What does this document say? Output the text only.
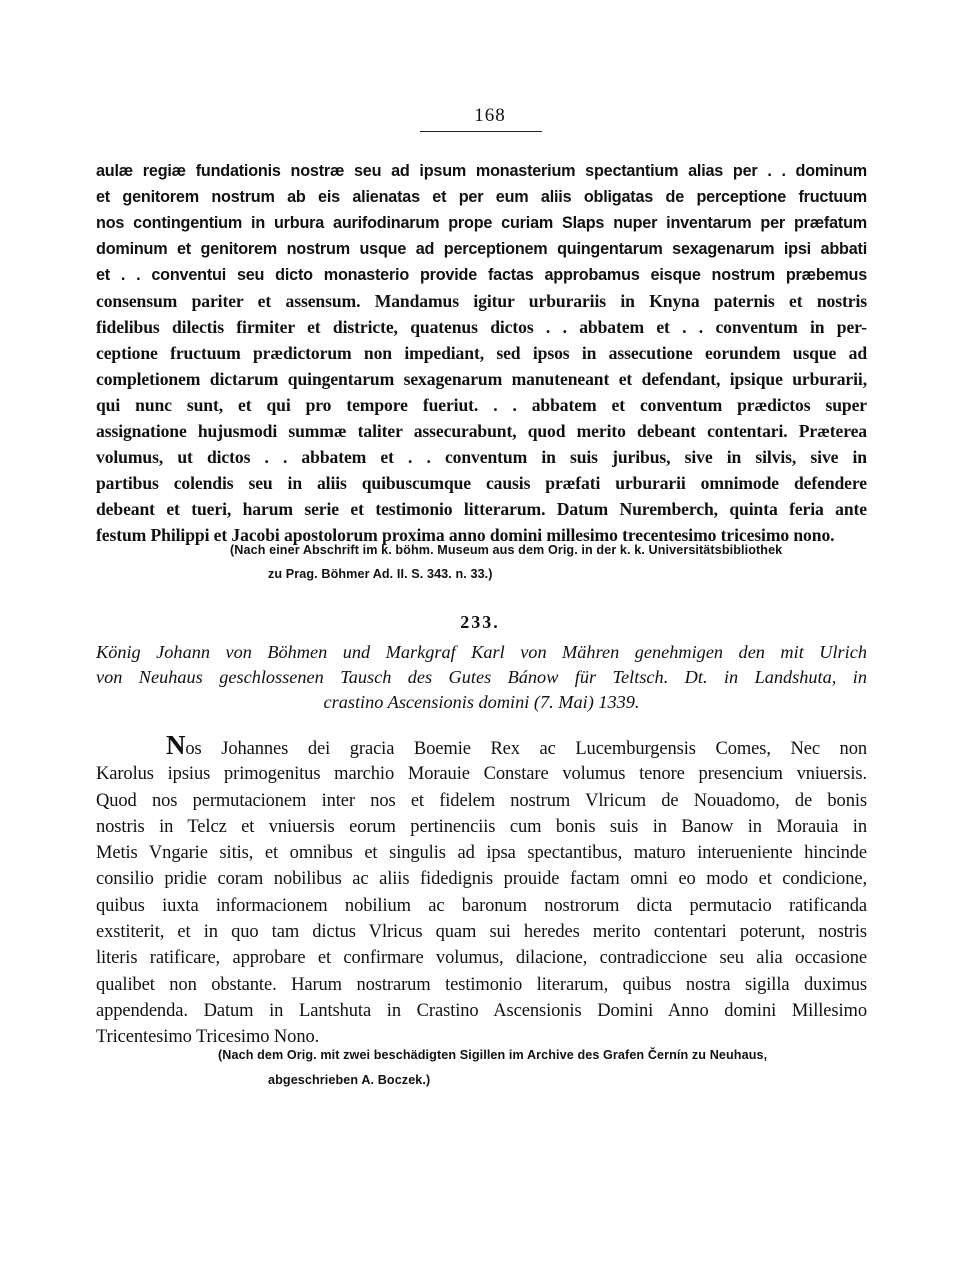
168
aulæ regiæ fundationis nostræ seu ad ipsum monasterium spectantium alias per . . dominum
et genitorem nostrum ab eis alienatas et per eum aliis obligatas de perceptione fructuum
nos contingentium in urbura aurifodinarum prope curiam Slaps nuper inventarum per præfatum
dominum et genitorem nostrum usque ad perceptionem quingentarum sexagenarum ipsi abbati
et . . conventui seu dicto monasterio provide factas approbamus eisque nostrum præbemus
consensum pariter et assensum. Mandamus igitur urburariis in Knyna paternis et nostris
fidelibus dilectis firmiter et districte, quatenus dictos . . abbatem et . . conventum in per-
ceptione fructuum prædictorum non impediant, sed ipsos in assecutione eorundem usque ad
completionem dictarum quingentarum sexagenarum manuteneant et defendant, ipsique urburarii,
qui nunc sunt, et qui pro tempore fueriut. . . abbatem et conventum prædictos super
assignatione hujusmodi summæ taliter assecurabunt, quod merito debeant contentari. Præterea
volumus, ut dictos . . abbatem et . . conventum in suis juribus, sive in silvis, sive in
partibus colendis seu in aliis quibuscumque causis præfati urburarii omnimode defendere
debeant et tueri, harum serie et testimonio litterarum. Datum Nuremberch, quinta feria ante
festum Philippi et Jacobi apostolorum proxima anno domini millesimo trecentesimo tricesimo nono.
(Nach einer Abschrift im k. böhm. Museum aus dem Orig. in der k. k. Universitätsbibliothek
zu Prag. Böhmer Ad. II. S. 343. n. 33.)
233.
König Johann von Böhmen und Markgraf Karl von Mähren genehmigen den mit Ulrich
von Neuhaus geschlossenen Tausch des Gutes Bánow für Teltsch. Dt. in Landshuta, in
crastino Ascensionis domini (7. Mai) 1339.
Nos Johannes dei gracia Boemie Rex ac Lucemburgensis Comes, Nec non
Karolus ipsius primogenitus marchio Morauie Constare volumus tenore presencium vniuersis.
Quod nos permutacionem inter nos et fidelem nostrum Vlricum de Nouadomo, de bonis
nostris in Telcz et vniuersis eorum pertinenciis cum bonis suis in Banow in Morauia in
Metis Vngarie sitis, et omnibus et singulis ad ipsa spectantibus, maturo interueniente hincinde
consilio pridie coram nobilibus ac aliis fidedignis prouide factam omni eo modo et condicione,
quibus iuxta informacionem nobilium ac baronum nostrorum dicta permutacio ratificanda
exstiterit, et in quo tam dictus Vlricus quam sui heredes merito contentari poterunt, nostris
literis ratificare, approbare et confirmare volumus, dilacione, contradiccione seu alia occasione
qualibet non obstante. Harum nostrarum testimonio literarum, quibus nostra sigilla duximus
appendenda. Datum in Lantshuta in Crastino Ascensionis Domini Anno domini Millesimo
Tricentesimo Tricesimo Nono.
(Nach dem Orig. mit zwei beschädigten Sigillen im Archive des Grafen Černín zu Neuhaus,
abgeschrieben A. Boczek.)
